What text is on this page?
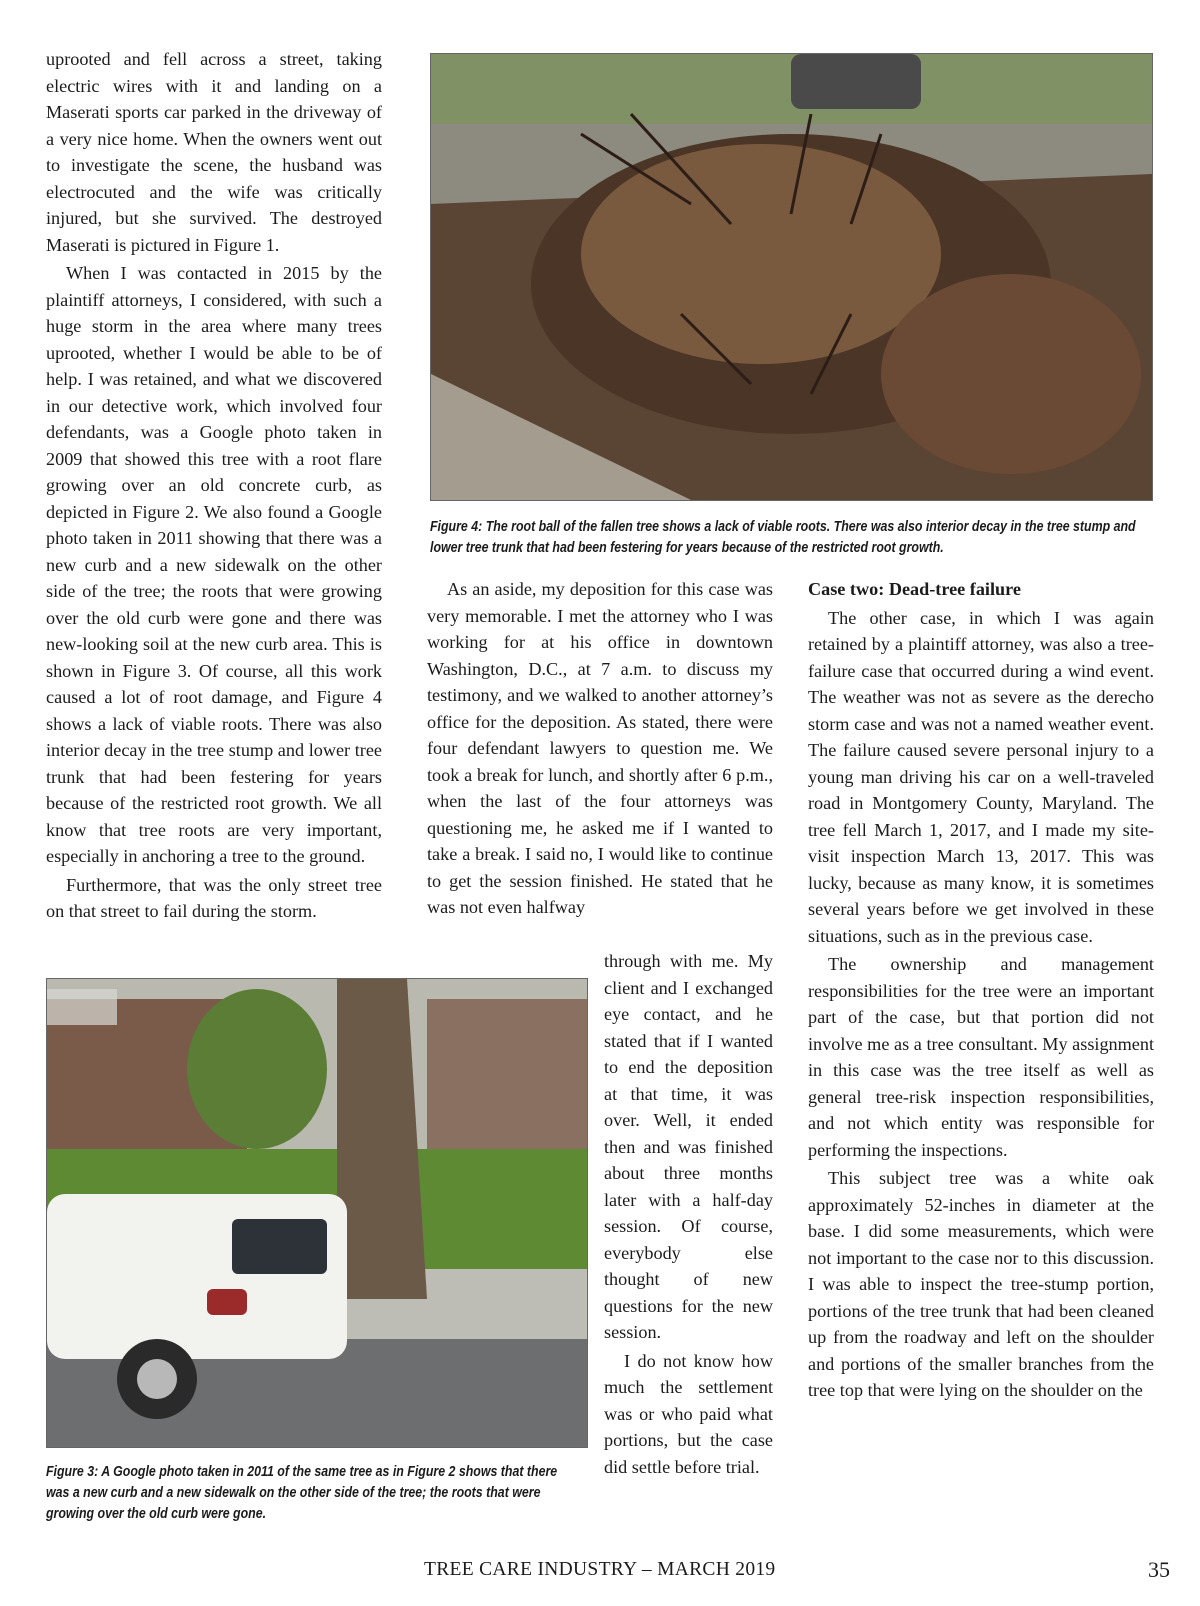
uprooted and fell across a street, taking electric wires with it and landing on a Maserati sports car parked in the driveway of a very nice home. When the owners went out to investigate the scene, the husband was electrocuted and the wife was critically injured, but she survived. The destroyed Maserati is pictured in Figure 1.

When I was contacted in 2015 by the plaintiff attorneys, I considered, with such a huge storm in the area where many trees uprooted, whether I would be able to be of help. I was retained, and what we discovered in our detective work, which involved four defendants, was a Google photo taken in 2009 that showed this tree with a root flare growing over an old concrete curb, as depicted in Figure 2. We also found a Google photo taken in 2011 showing that there was a new curb and a new sidewalk on the other side of the tree; the roots that were growing over the old curb were gone and there was new-looking soil at the new curb area. This is shown in Figure 3. Of course, all this work caused a lot of root damage, and Figure 4 shows a lack of viable roots. There was also interior decay in the tree stump and lower tree trunk that had been festering for years because of the restricted root growth. We all know that tree roots are very important, especially in anchoring a tree to the ground.

Furthermore, that was the only street tree on that street to fail during the storm.

Figure 4: The root ball of the fallen tree shows a lack of viable roots. There was also interior decay in the tree stump and lower tree trunk that had been festering for years because of the restricted root growth.

As an aside, my deposition for this case was very memorable. I met the attorney who I was working for at his office in downtown Washington, D.C., at 7 a.m. to discuss my testimony, and we walked to another attorney’s office for the deposition. As stated, there were four defendant lawyers to question me. We took a break for lunch, and shortly after 6 p.m., when the last of the four attorneys was questioning me, he asked me if I wanted to take a break. I said no, I would like to continue to get the session finished. He stated that he was not even halfway

through with me. My client and I exchanged eye contact, and he stated that if I wanted to end the deposition at that time, it was over. Well, it ended then and was finished about three months later with a half-day session. Of course, everybody else thought of new questions for the new session.

I do not know how much the settlement was or who paid what portions, but the case did settle before trial.

Case two: Dead-tree failure

The other case, in which I was again retained by a plaintiff attorney, was also a tree-failure case that occurred during a wind event. The weather was not as severe as the derecho storm case and was not a named weather event. The failure caused severe personal injury to a young man driving his car on a well-traveled road in Montgomery County, Maryland. The tree fell March 1, 2017, and I made my site-visit inspection March 13, 2017. This was lucky, because as many know, it is sometimes several years before we get involved in these situations, such as in the previous case.

The ownership and management responsibilities for the tree were an important part of the case, but that portion did not involve me as a tree consultant. My assignment in this case was the tree itself as well as general tree-risk inspection responsibilities, and not which entity was responsible for performing the inspections.

This subject tree was a white oak approximately 52-inches in diameter at the base. I did some measurements, which were not important to the case nor to this discussion. I was able to inspect the tree-stump portion, portions of the tree trunk that had been cleaned up from the roadway and left on the shoulder and portions of the smaller branches from the tree top that were lying on the shoulder on the

Figure 3: A Google photo taken in 2011 of the same tree as in Figure 2 shows that there was a new curb and a new sidewalk on the other side of the tree; the roots that were growing over the old curb were gone.
TREE CARE INDUSTRY – MARCH 2019	35
